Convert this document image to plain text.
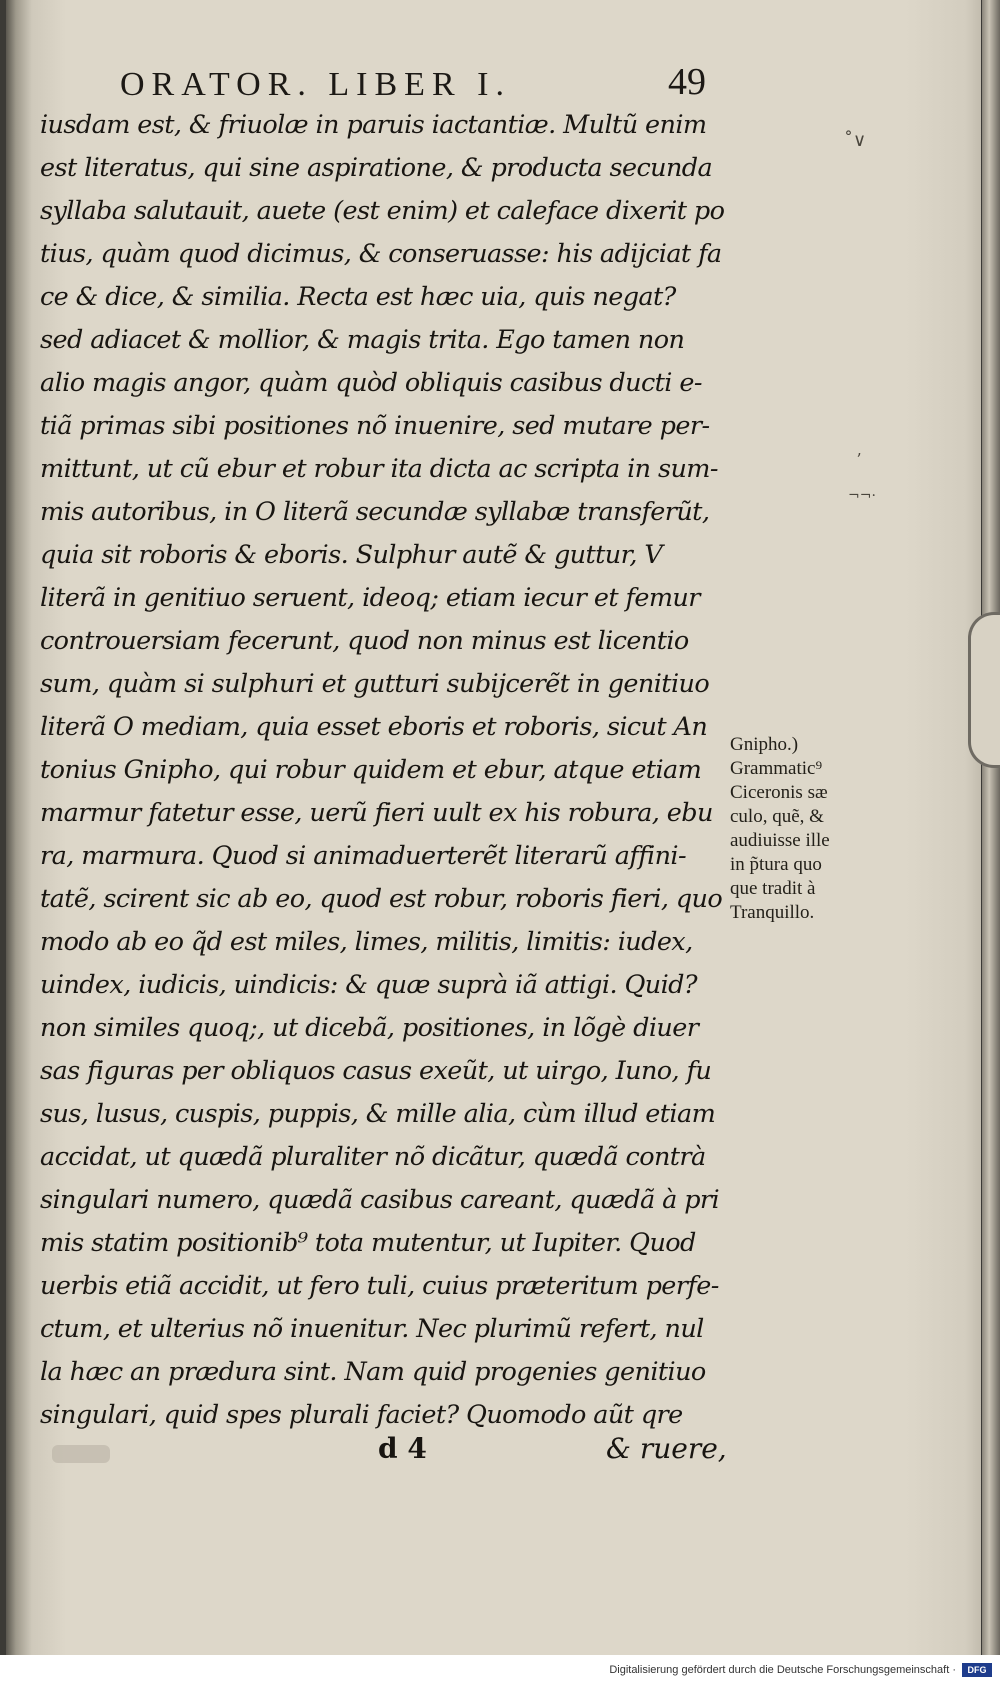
˚∨
ʼ
¬¬·
ORATOR. LIBER I.	49
iusdam est, & friuolæ in paruis iactantiæ. Multũ enim
est literatus, qui sine aspiratione, & producta secunda
syllaba salutauit, auete (est enim) et calefacе dixerit po
tius, quàm quod dicimus, & conseruasse: his adijciat fa
ce & dice, & similia. Recta est hæc uia, quis negat?
sed adiacet & mollior, & magis trita. Ego tamen non
alio magis angor, quàm quòd obliquis casibus ducti e-
tiã primas sibi positiones nõ inuenire, sed mutare per-
mittunt, ut cũ ebur et robur ita dicta ac scripta in sum-
mis autoribus, in O literã secundæ syllabæ transferũt,
quia sit roboris & eboris. Sulphur autẽ & guttur, V
literã in genitiuo seruent, ideoq; etiam iecur et femur
controuersiam fecerunt, quod non minus est licentio
sum, quàm si sulphuri et gutturi subijcerẽt in genitiuo
literã O mediam, quia esset eboris et roboris, sicut An
tonius Gnipho, qui robur quidem et ebur, atque etiam
marmur fatetur esse, uerũ fieri uult ex his robura, ebu
ra, marmura. Quod si animaduerterẽt literarũ affini-
tatẽ, scirent sic ab eo, quod est robur, roboris fieri, quo
modo ab eo q̃d est miles, limes, militis, limitis: iudex,
uindex, iudicis, uindicis: & quæ suprà iã attigi. Quid?
non similes quoq;, ut dicebã, positiones, in lõgè diuer
sas figuras per obliquos casus exeũt, ut uirgo, Iuno, fu
sus, lusus, cuspis, puppis, & mille alia, cùm illud etiam
accidat, ut quædã pluraliter nõ dicãtur, quædã contrà
singulari numero, quædã casibus careant, quædã à pri
mis statim positionib⁹ tota mutentur, ut Iupiter. Quod
uerbis etiã accidit, ut fero tuli, cuius præteritum perfe-
ctum, et ulterius nõ inuenitur. Nec plurimũ refert, nul
la hæc an prædura sint. Nam quid progenies genitiuo
singulari, quid spes plurali faciet? Quomodo aũt qre
Gnipho.)
Grammatic⁹
Ciceronis sæ
culo, quẽ, &
audiuisse ille
in p̃tura quo
que tradit à
Tranquillo.
d 4	& ruere,
Digitalisierung gefördert durch die Deutsche Forschungsgemeinschaft ·	DFG
